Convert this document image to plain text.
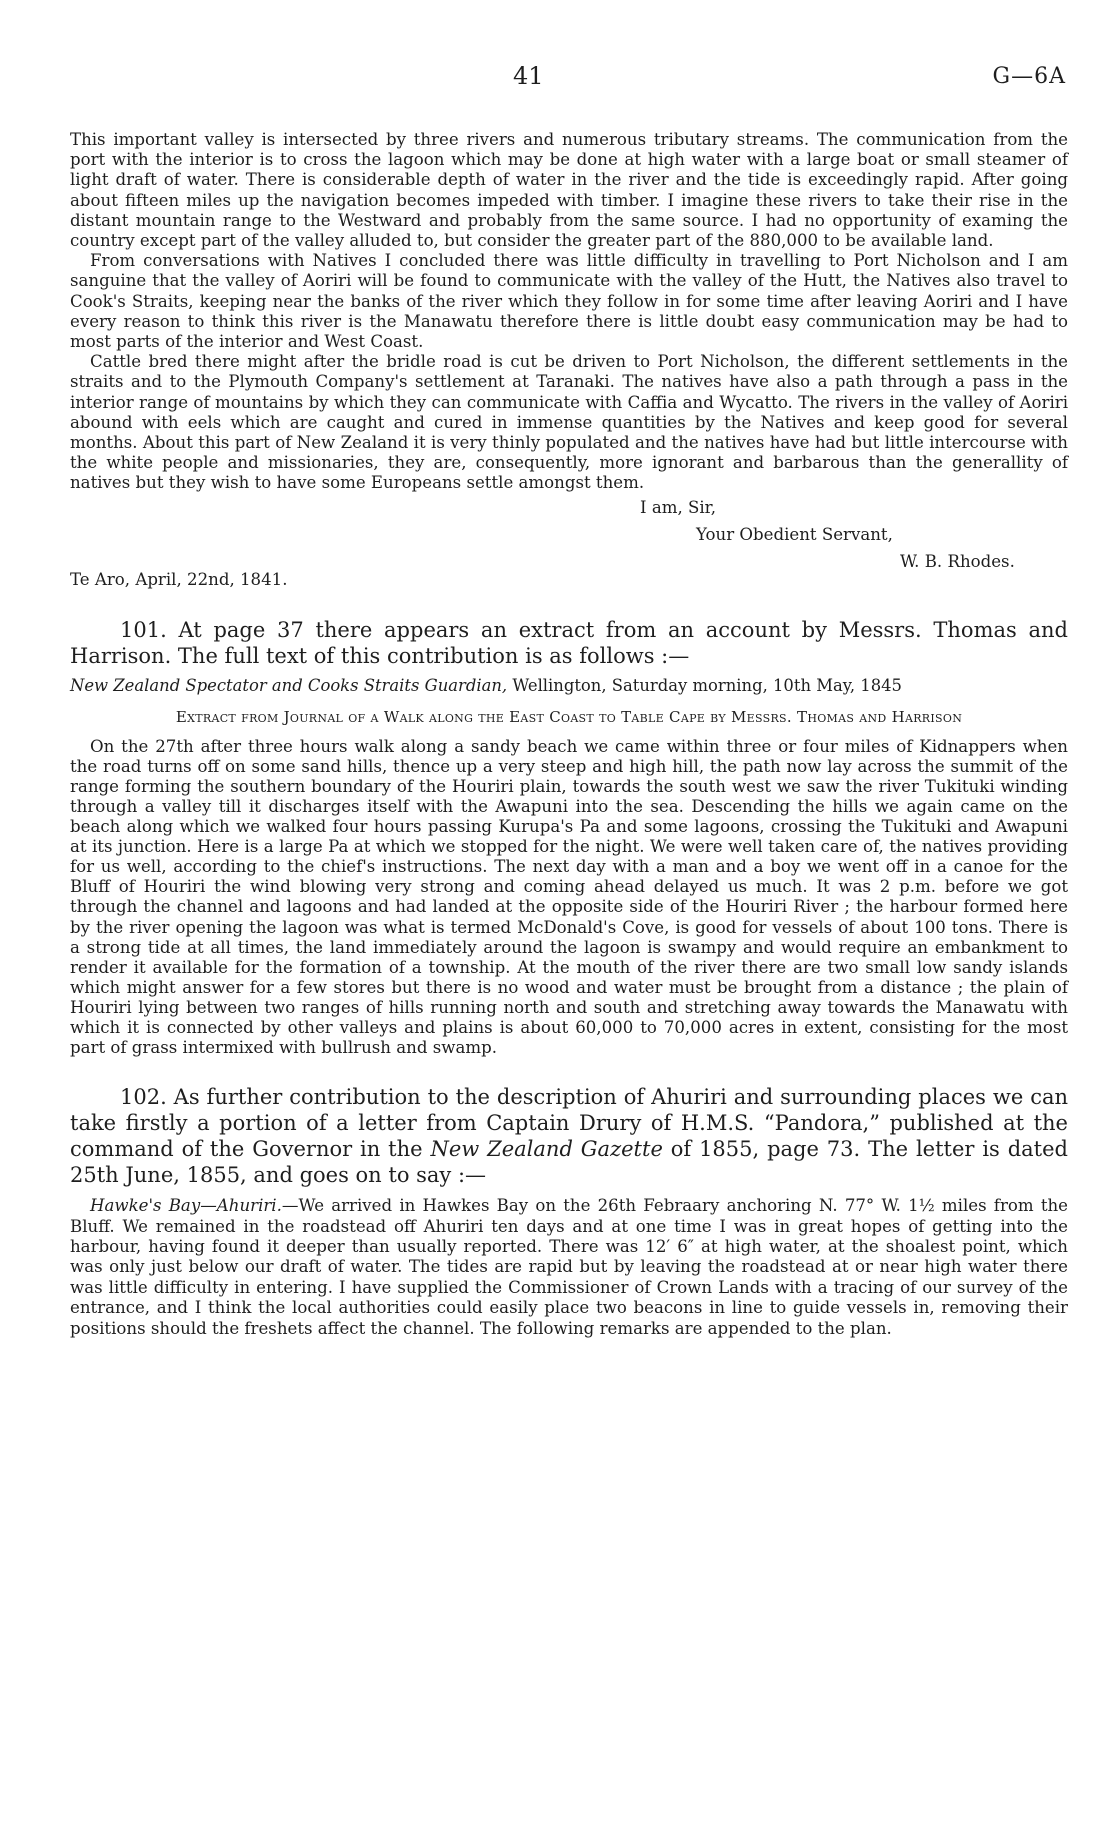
41	G—6A

This important valley is intersected by three rivers and numerous tributary streams. The communication from the port with the interior is to cross the lagoon which may be done at high water with a large boat or small steamer of light draft of water. There is considerable depth of water in the river and the tide is exceedingly rapid. After going about fifteen miles up the navigation becomes impeded with timber. I imagine these rivers to take their rise in the distant mountain range to the Westward and probably from the same source. I had no opportunity of examing the country except part of the valley alluded to, but consider the greater part of the 880,000 to be available land.

From conversations with Natives I concluded there was little difficulty in travelling to Port Nicholson and I am sanguine that the valley of Aoriri will be found to communicate with the valley of the Hutt, the Natives also travel to Cook's Straits, keeping near the banks of the river which they follow in for some time after leaving Aoriri and I have every reason to think this river is the Manawatu therefore there is little doubt easy communication may be had to most parts of the interior and West Coast.

Cattle bred there might after the bridle road is cut be driven to Port Nicholson, the different settlements in the straits and to the Plymouth Company's settlement at Taranaki. The natives have also a path through a pass in the interior range of mountains by which they can communicate with Caffia and Wycatto. The rivers in the valley of Aoriri abound with eels which are caught and cured in immense quantities by the Natives and keep good for several months. About this part of New Zealand it is very thinly populated and the natives have had but little intercourse with the white people and missionaries, they are, consequently, more ignorant and barbarous than the generallity of natives but they wish to have some Europeans settle amongst them.

I am, Sir,
Your Obedient Servant,
W. B. Rhodes.

Te Aro, April, 22nd, 1841.

101. At page 37 there appears an extract from an account by Messrs. Thomas and Harrison. The full text of this contribution is as follows :—

New Zealand Spectator and Cooks Straits Guardian, Wellington, Saturday morning, 10th May, 1845

Extract from Journal of a Walk along the East Coast to Table Cape by Messrs. Thomas and Harrison

On the 27th after three hours walk along a sandy beach we came within three or four miles of Kidnappers when the road turns off on some sand hills, thence up a very steep and high hill, the path now lay across the summit of the range forming the southern boundary of the Houriri plain, towards the south west we saw the river Tukituki winding through a valley till it discharges itself with the Awapuni into the sea. Descending the hills we again came on the beach along which we walked four hours passing Kurupa's Pa and some lagoons, crossing the Tukituki and Awapuni at its junction. Here is a large Pa at which we stopped for the night. We were well taken care of, the natives providing for us well, according to the chief's instructions. The next day with a man and a boy we went off in a canoe for the Bluff of Houriri the wind blowing very strong and coming ahead delayed us much. It was 2 p.m. before we got through the channel and lagoons and had landed at the opposite side of the Houriri River ; the harbour formed here by the river opening the lagoon was what is termed McDonald's Cove, is good for vessels of about 100 tons. There is a strong tide at all times, the land immediately around the lagoon is swampy and would require an embankment to render it available for the formation of a township. At the mouth of the river there are two small low sandy islands which might answer for a few stores but there is no wood and water must be brought from a distance ; the plain of Houriri lying between two ranges of hills running north and south and stretching away towards the Manawatu with which it is connected by other valleys and plains is about 60,000 to 70,000 acres in extent, consisting for the most part of grass intermixed with bullrush and swamp.

102. As further contribution to the description of Ahuriri and surrounding places we can take firstly a portion of a letter from Captain Drury of H.M.S. “Pandora,” published at the command of the Governor in the New Zealand Gazette of 1855, page 73. The letter is dated 25th June, 1855, and goes on to say :—

Hawke's Bay—Ahuriri.—We arrived in Hawkes Bay on the 26th Febraary anchoring N. 77° W. 1½ miles from the Bluff. We remained in the roadstead off Ahuriri ten days and at one time I was in great hopes of getting into the harbour, having found it deeper than usually reported. There was 12′ 6″ at high water, at the shoalest point, which was only just below our draft of water. The tides are rapid but by leaving the roadstead at or near high water there was little difficulty in entering. I have supplied the Commissioner of Crown Lands with a tracing of our survey of the entrance, and I think the local authorities could easily place two beacons in line to guide vessels in, removing their positions should the freshets affect the channel. The following remarks are appended to the plan.
